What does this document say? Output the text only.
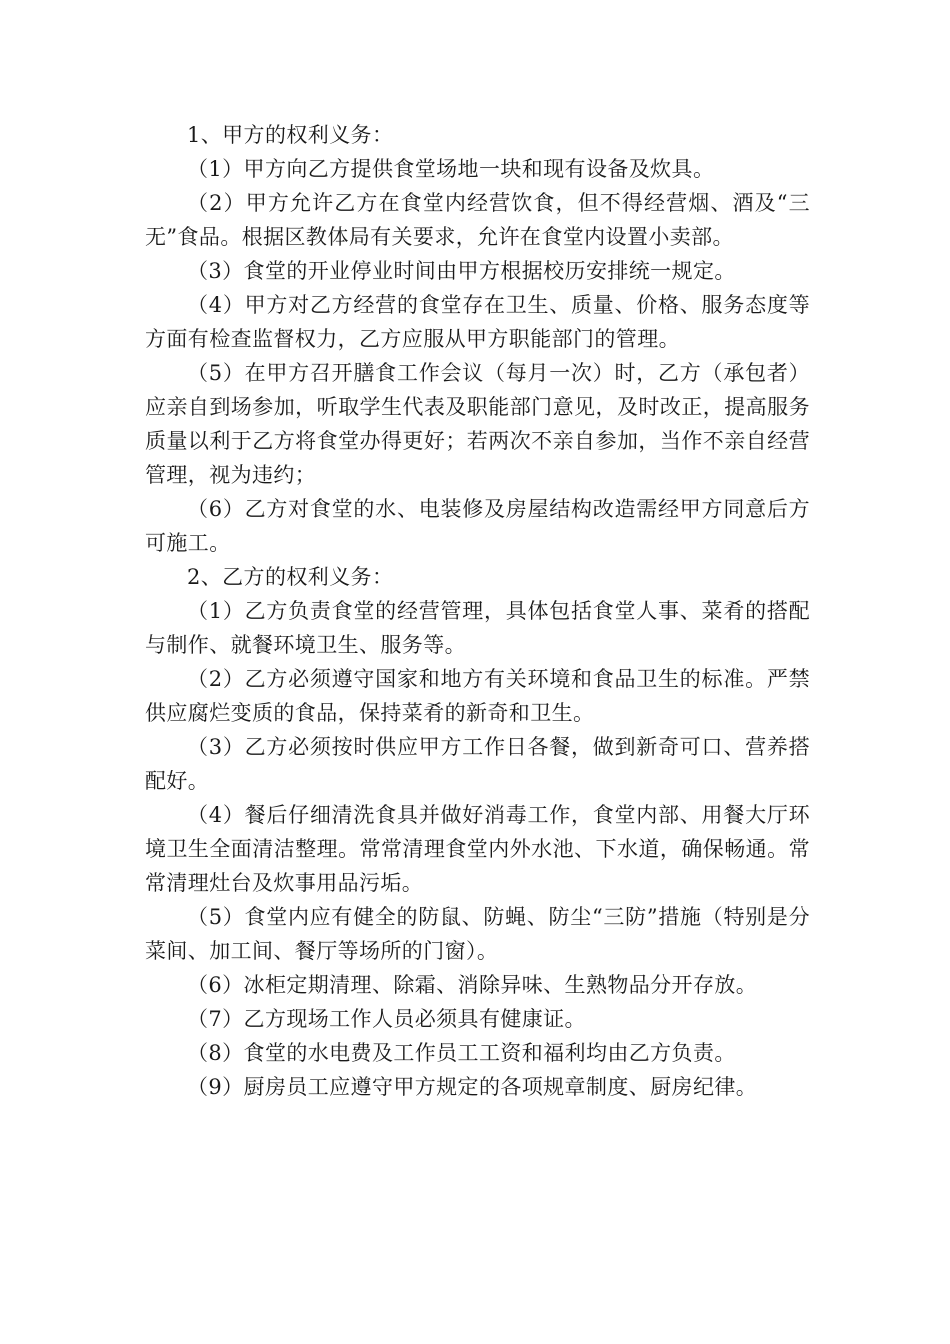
1、甲方的权利义务：

（1）甲方向乙方提供食堂场地一块和现有设备及炊具。

（2）甲方允许乙方在食堂内经营饮食，但不得经营烟、酒及“三无”食品。根据区教体局有关要求，允许在食堂内设置小卖部。

（3）食堂的开业停业时间由甲方根据校历安排统一规定。

（4）甲方对乙方经营的食堂存在卫生、质量、价格、服务态度等方面有检查监督权力，乙方应服从甲方职能部门的管理。

（5）在甲方召开膳食工作会议（每月一次）时，乙方（承包者）应亲自到场参加，听取学生代表及职能部门意见，及时改正，提高服务质量以利于乙方将食堂办得更好；若两次不亲自参加，当作不亲自经营管理，视为违约；

（6）乙方对食堂的水、电装修及房屋结构改造需经甲方同意后方可施工。

2、乙方的权利义务：

（1）乙方负责食堂的经营管理，具体包括食堂人事、菜肴的搭配与制作、就餐环境卫生、服务等。

（2）乙方必须遵守国家和地方有关环境和食品卫生的标准。严禁供应腐烂变质的食品，保持菜肴的新奇和卫生。

（3）乙方必须按时供应甲方工作日各餐，做到新奇可口、营养搭配好。

（4）餐后仔细清洗食具并做好消毒工作，食堂内部、用餐大厅环境卫生全面清洁整理。常常清理食堂内外水池、下水道，确保畅通。常常清理灶台及炊事用品污垢。

（5）食堂内应有健全的防鼠、防蝇、防尘“三防”措施（特别是分菜间、加工间、餐厅等场所的门窗）。

（6）冰柜定期清理、除霜、消除异味、生熟物品分开存放。

（7）乙方现场工作人员必须具有健康证。

（8）食堂的水电费及工作员工工资和福利均由乙方负责。

（9）厨房员工应遵守甲方规定的各项规章制度、厨房纪律。
